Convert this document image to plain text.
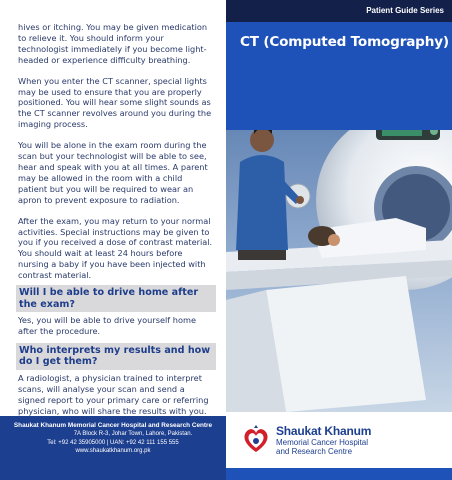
hives or itching. You may be given medication to relieve it. You should inform your technologist immediately if you become light-headed or experience difficulty breathing.

When you enter the CT scanner, special lights may be used to ensure that you are properly positioned. You will hear some slight sounds as the CT scanner revolves around you during the imaging process.

You will be alone in the exam room during the scan but your technologist will be able to see, hear and speak with you at all times. A parent may be allowed in the room with a child patient but you will be required to wear an apron to prevent exposure to radiation.

After the exam, you may return to your normal activities. Special instructions may be given to you if you received a dose of contrast material. You should wait at least 24 hours before nursing a baby if you have been injected with contrast material.

Will I be able to drive home after the exam?

Yes, you will be able to drive yourself home after the procedure.

Who interprets my results and how do I get them?

A radiologist, a physician trained to interpret scans, will analyse your scan and send a signed report to your primary care or referring physician, who will share the results with you.

Shaukat Khanum Memorial Cancer Hospital and Research Centre
7A Block R-3, Johar Town, Lahore, Pakistan.
Tel: +92 42 35905000 | UAN: +92 42 111 155 555
www.shaukatkhanum.org.pk
Patient Guide Series
CT (Computed Tomography)
Shaukat Khanum
Memorial Cancer Hospital
and Research Centre
